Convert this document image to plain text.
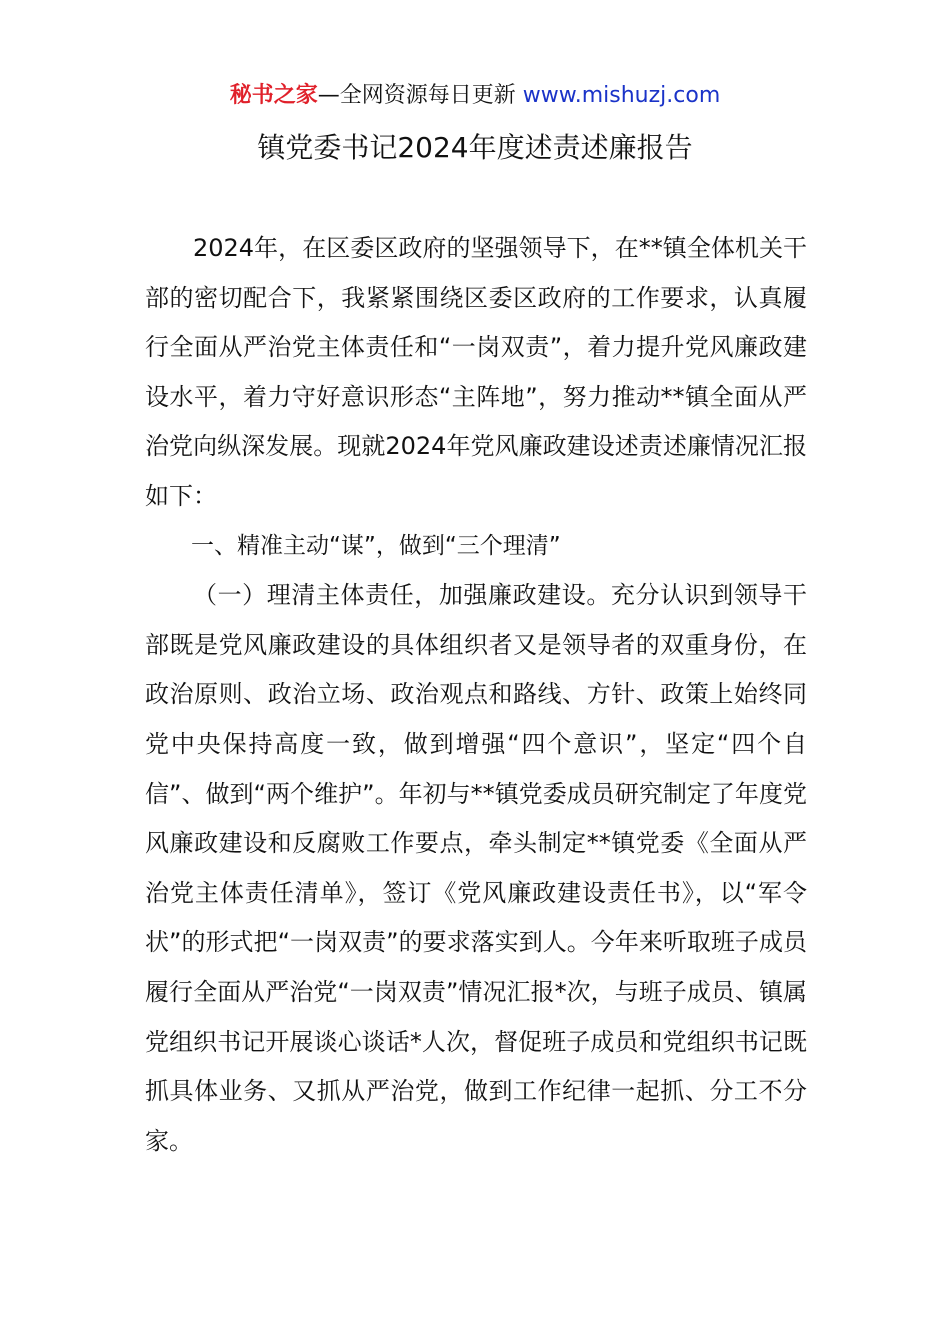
秘书之家—全网资源每日更新 www.mishuzj.com
镇党委书记2024年度述责述廉报告

2024年，在区委区政府的坚强领导下，在**镇全体机关干部的密切配合下，我紧紧围绕区委区政府的工作要求，认真履行全面从严治党主体责任和“一岗双责”，着力提升党风廉政建设水平，着力守好意识形态“主阵地”，努力推动**镇全面从严治党向纵深发展。现就2024年党风廉政建设述责述廉情况汇报如下：

一、精准主动“谋”，做到“三个理清”

（一）理清主体责任，加强廉政建设。充分认识到领导干部既是党风廉政建设的具体组织者又是领导者的双重身份，在政治原则、政治立场、政治观点和路线、方针、政策上始终同党中央保持高度一致，做到增强“四个意识”，坚定“四个自信”、做到“两个维护”。年初与**镇党委成员研究制定了年度党风廉政建设和反腐败工作要点，牵头制定**镇党委《全面从严治党主体责任清单》，签订《党风廉政建设责任书》，以“军令状”的形式把“一岗双责”的要求落实到人。今年来听取班子成员履行全面从严治党“一岗双责”情况汇报*次，与班子成员、镇属党组织书记开展谈心谈话*人次，督促班子成员和党组织书记既抓具体业务、又抓从严治党，做到工作纪律一起抓、分工不分家。
